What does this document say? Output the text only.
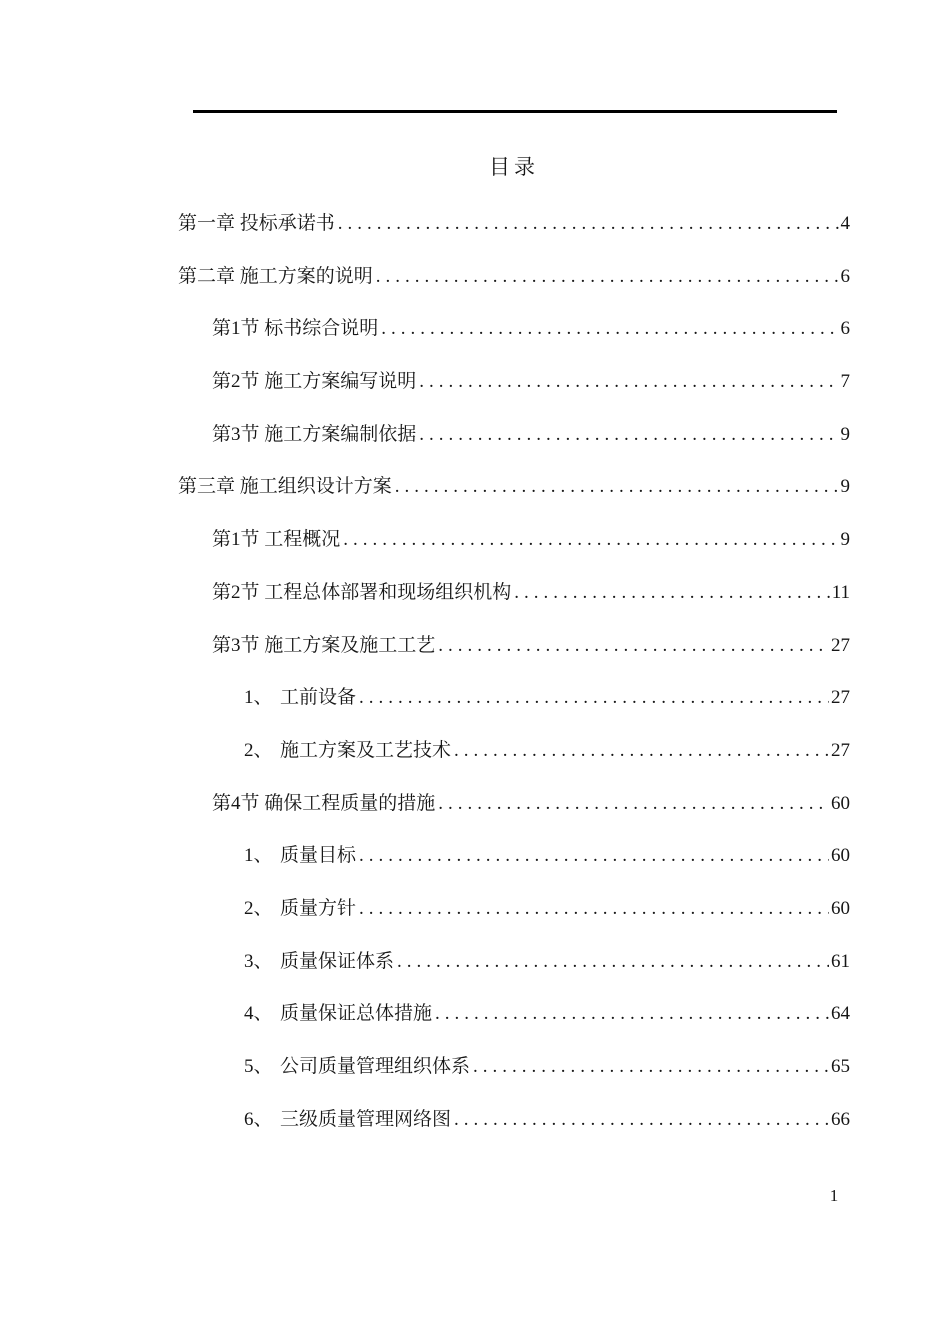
目录
第一章 投标承诺书 .....	4
第二章 施工方案的说明 .....	6
第1节 标书综合说明 .....	6
第2节 施工方案编写说明 .....	7
第3节 施工方案编制依据 .....	9
第三章 施工组织设计方案 .....	9
第1节 工程概况 .....	9
第2节 工程总体部署和现场组织机构 .....	11
第3节 施工方案及施工工艺 .....	27
1、 工前设备 .....	27
2、 施工方案及工艺技术 .....	27
第4节 确保工程质量的措施 .....	60
1、 质量目标 .....	60
2、 质量方针 .....	60
3、 质量保证体系 .....	61
4、 质量保证总体措施 .....	64
5、 公司质量管理组织体系 .....	65
6、 三级质量管理网络图 .....	66
1
